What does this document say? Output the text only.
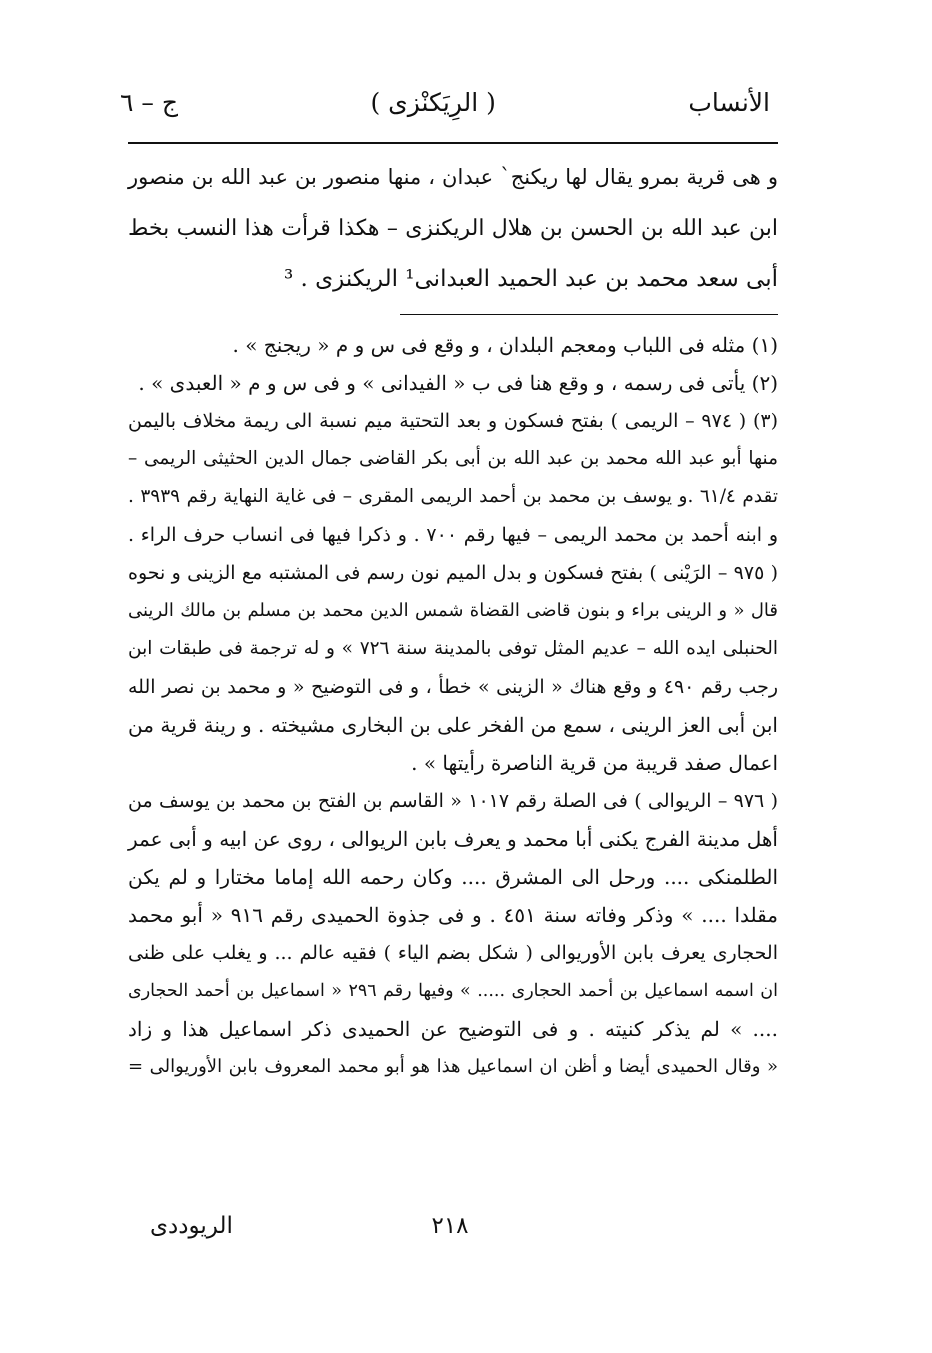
ج – ٦	( الرِيَكنْزى )	الأنساب
و هى قرية بمرو يقال لها ريكنج` عبدان ، منها منصور بن عبد الله بن منصور
ابن عبد الله بن الحسن بن هلال الريكنزى – هكذا قرأت هذا النسب بخط
أبى سعد محمد بن عبد الحميد العبدانى¹ الريكنزى . ³
(١) مثله فى اللباب ومعجم البلدان ، و وقع فى س و م « ريجنج » .
(٢) يأتى فى رسمه ، و وقع هنا فى ب « الفيدانى » و فى س و م « العبدى » .
(٣) ( ٩٧٤ – الريمى ) بفتح فسكون و بعد التحتية ميم نسبة الى ريمة مخلاف باليمن
منها أبو عبد الله محمد بن عبد الله بن أبى بكر القاضى جمال الدين الحثيثى الريمى –
تقدم ٦١/٤ .و يوسف بن محمد بن أحمد الريمى المقرى – فى غاية النهاية رقم ٣٩٣٩ .
و ابنه أحمد بن محمد الريمى – فيها رقم ٧٠٠ . و ذكرا فيها فى انساب حرف الراء .
( ٩٧٥ – الرَيْنى ) بفتح فسكون و بدل الميم نون رسم فى المشتبه مع الزينى و نحوه
قال « و الرينى براء و بنون قاضى القضاة شمس الدين محمد بن مسلم بن مالك الرينى
الحنبلى ايده الله – عديم المثل توفى بالمدينة سنة ٧٢٦ » و له ترجمة فى طبقات ابن
رجب رقم ٤٩٠ و وقع هناك « الزينى » خطأ ، و فى التوضيح « و محمد بن نصر الله
ابن أبى العز الرينى ، سمع من الفخر على بن البخارى مشيخته . و رينة قرية من
اعمال صفد قريبة من قرية الناصرة رأيتها » .
( ٩٧٦ – الريوالى ) فى الصلة رقم ١٠١٧ « القاسم بن الفتح بن محمد بن يوسف من
أهل مدينة الفرج يكنى أبا محمد و يعرف بابن الريوالى ، روى عن ابيه و أبى عمر
الطلمنكى .... ورحل الى المشرق .... وكان رحمه الله إماما مختارا و لم يكن
مقلدا .... » وذكر وفاته سنة ٤٥١ . و فى جذوة الحميدى رقم ٩١٦ « أبو محمد
الحجارى يعرف بابن الأوريوالى ( شكل بضم الياء ) فقيه عالم ... و يغلب على ظنى
ان اسمه اسماعيل بن أحمد الحجارى ..... » وفيها رقم ٢٩٦ « اسماعيل بن أحمد الحجارى
.... » لم يذكر كنيته . و فى التوضيح عن الحميدى ذكر اسماعيل هذا و زاد
« وقال الحميدى أيضا و أظن ان اسماعيل هذا هو أبو محمد المعروف بابن الأوريوالى =
الريوددى	٢١٨
